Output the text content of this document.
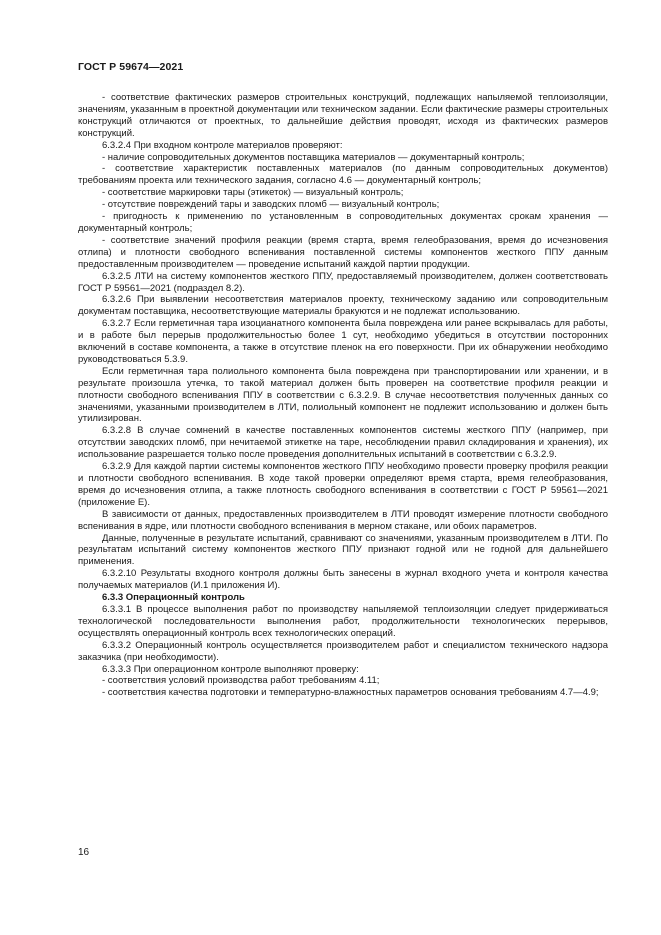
ГОСТ Р 59674—2021

- соответствие фактических размеров строительных конструкций, подлежащих напыляемой теплоизоляции, значениям, указанным в проектной документации или техническом задании. Если фактические размеры строительных конструкций отличаются от проектных, то дальнейшие действия проводят, исходя из фактических размеров конструкций.

6.3.2.4 При входном контроле материалов проверяют:

- наличие сопроводительных документов поставщика материалов — документарный контроль;

- соответствие характеристик поставленных материалов (по данным сопроводительных документов) требованиям проекта или технического задания, согласно 4.6 — документарный контроль;

- соответствие маркировки тары (этикеток) — визуальный контроль;

- отсутствие повреждений тары и заводских пломб — визуальный контроль;

- пригодность к применению по установленным в сопроводительных документах срокам хранения — документарный контроль;

- соответствие значений профиля реакции (время старта, время гелеобразования, время до исчезновения отлипа) и плотности свободного вспенивания поставленной системы компонентов жесткого ППУ данным предоставленным производителем — проведение испытаний каждой партии продукции.

6.3.2.5 ЛТИ на систему компонентов жесткого ППУ, предоставляемый производителем, должен соответствовать ГОСТ Р 59561—2021 (подраздел 8.2).

6.3.2.6 При выявлении несоответствия материалов проекту, техническому заданию или сопроводительным документам поставщика, несоответствующие материалы бракуются и не подлежат использованию.

6.3.2.7 Если герметичная тара изоцианатного компонента была повреждена или ранее вскрывалась для работы, и в работе был перерыв продолжительностью более 1 сут, необходимо убедиться в отсутствии посторонних включений в составе компонента, а также в отсутствие пленок на его поверхности. При их обнаружении необходимо руководствоваться 5.3.9.

Если герметичная тара полиольного компонента была повреждена при транспортировании или хранении, и в результате произошла утечка, то такой материал должен быть проверен на соответствие профиля реакции и плотности свободного вспенивания ППУ в соответствии с 6.3.2.9. В случае несоответствия полученных данных со значениями, указанными производителем в ЛТИ, полиольный компонент не подлежит использованию и должен быть утилизирован.

6.3.2.8 В случае сомнений в качестве поставленных компонентов системы жесткого ППУ (например, при отсутствии заводских пломб, при нечитаемой этикетке на таре, несоблюдении правил складирования и хранения), их использование разрешается только после проведения дополнительных испытаний в соответствии с 6.3.2.9.

6.3.2.9 Для каждой партии системы компонентов жесткого ППУ необходимо провести проверку профиля реакции и плотности свободного вспенивания. В ходе такой проверки определяют время старта, время гелеобразования, время до исчезновения отлипа, а также плотность свободного вспенивания в соответствии с ГОСТ Р 59561—2021 (приложение Е).

В зависимости от данных, предоставленных производителем в ЛТИ проводят измерение плотности свободного вспенивания в ядре, или плотности свободного вспенивания в мерном стакане, или обоих параметров.

Данные, полученные в результате испытаний, сравнивают со значениями, указанным производителем в ЛТИ. По результатам испытаний систему компонентов жесткого ППУ признают годной или не годной для дальнейшего применения.

6.3.2.10 Результаты входного контроля должны быть занесены в журнал входного учета и контроля качества получаемых материалов (И.1 приложения И).

6.3.3 Операционный контроль

6.3.3.1 В процессе выполнения работ по производству напыляемой теплоизоляции следует придерживаться технологической последовательности выполнения работ, продолжительности технологических перерывов, осуществлять операционный контроль всех технологических операций.

6.3.3.2 Операционный контроль осуществляется производителем работ и специалистом технического надзора заказчика (при необходимости).

6.3.3.3 При операционном контроле выполняют проверку:

- соответствия условий производства работ требованиям 4.11;

- соответствия качества подготовки и температурно-влажностных параметров основания требованиям 4.7—4.9;

16
